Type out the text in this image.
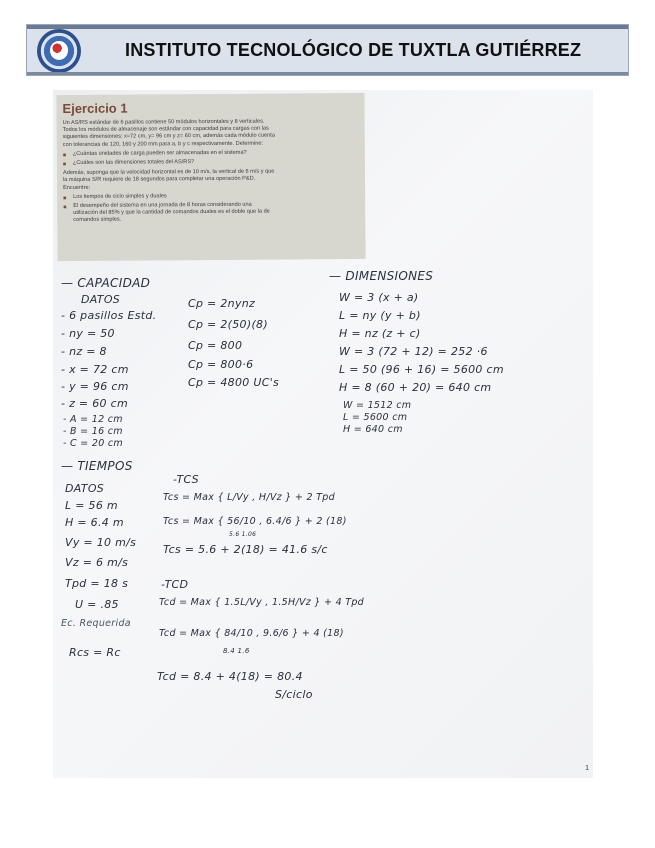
INSTITUTO TECNOLÓGICO DE TUXTLA GUTIÉRREZ

Ejercicio 1

Un AS/RS estándar de 6 pasillos contiene 50 módulos horizontales y 8 verticales.

Todos los módulos de almacenaje son estándar con capacidad para cargas con las

siguientes dimensiones: x=72 cm, y= 96 cm y z= 60 cm, además cada módulo cuenta

con tolerancias de 120, 160 y 200 mm para a, b y c respectivamente. Determine:

◼ ¿Cuántas unidades de carga pueden ser almacenadas en el sistema?

◼ ¿Cuáles son las dimensiones totales del AS/RS?

Además, suponga que la velocidad horizontal es de 10 m/s, la vertical de 6 m/s y que

la máquina S/R requiere de 18 segundos para completar una operación P&D.

Encuentre:

◼ Los tiempos de ciclo simples y duales

◼ El desempeño del sistema en una jornada de 8 horas considerando una

utilización del 85% y que la cantidad de comandos duales es el doble que la de

comandos simples.

— CAPACIDAD
DATOS
- 6 pasillos Estd.
- ny = 50
- nz = 8
- x = 72 cm
- y = 96 cm
- z = 60 cm
- A = 12 cm
- B = 16 cm
- C = 20 cm
Cp = 2nynz
Cp = 2(50)(8)
Cp = 800
Cp = 800·6
Cp = 4800 UC's
— DIMENSIONES
W = 3 (x + a)
L = ny (y + b)
H = nz (z + c)
W = 3 (72 + 12) = 252 ·6
L = 50 (96 + 16) = 5600 cm
H = 8 (60 + 20) = 640 cm
W = 1512 cm
L = 5600 cm
H = 640 cm
— TIEMPOS
DATOS
L = 56 m
H = 6.4 m
Vy = 10 m/s
Vz = 6 m/s
Tpd = 18 s
U = .85
Ec. Requerida
Rcs = Rc
-TCS
Tcs = Max { L/Vy , H/Vz } + 2 Tpd
Tcs = Max { 56/10 , 6.4/6 } + 2 (18)
5.6 1.06
Tcs = 5.6 + 2(18) = 41.6 s/c
-TCD
Tcd = Max { 1.5L/Vy , 1.5H/Vz } + 4 Tpd
Tcd = Max { 84/10 , 9.6/6 } + 4 (18)
8.4 1.6
Tcd = 8.4 + 4(18) = 80.4
S/ciclo
1
